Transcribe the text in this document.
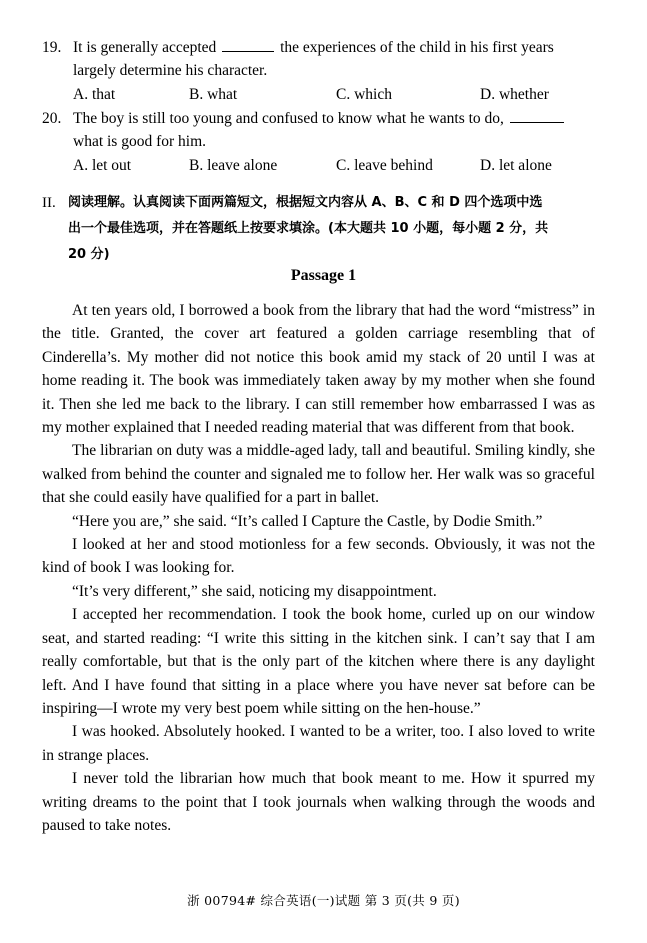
19. It is generally accepted	the experiences of the child in his first years
largely determine his character.
A. that	B. what	C. which	D. whether
20. The boy is still too young and confused to know what he wants to do,
what is good for him.
A. let out	B. leave alone	C. leave behind	D. let alone
II. 阅读理解。认真阅读下面两篇短文，根据短文内容从 A、B、C 和 D 四个选项中选
出一个最佳选项，并在答题纸上按要求填涂。(本大题共 10 小题，每小题 2 分，共
20 分)
Passage 1

At ten years old, I borrowed a book from the library that had the word “mistress” in the title. Granted, the cover art featured a golden carriage resembling that of Cinderella’s. My mother did not notice this book amid my stack of 20 until I was at home reading it. The book was immediately taken away by my mother when she found it. Then she led me back to the library. I can still remember how embarrassed I was as my mother explained that I needed reading material that was different from that book.

The librarian on duty was a middle-aged lady, tall and beautiful. Smiling kindly, she walked from behind the counter and signaled me to follow her. Her walk was so graceful that she could easily have qualified for a part in ballet.

“Here you are,” she said. “It’s called I Capture the Castle, by Dodie Smith.”

I looked at her and stood motionless for a few seconds. Obviously, it was not the kind of book I was looking for.

“It’s very different,” she said, noticing my disappointment.

I accepted her recommendation. I took the book home, curled up on our window seat, and started reading: “I write this sitting in the kitchen sink. I can’t say that I am really comfortable, but that is the only part of the kitchen where there is any daylight left. And I have found that sitting in a place where you have never sat before can be inspiring—I wrote my very best poem while sitting on the hen-house.”

I was hooked. Absolutely hooked. I wanted to be a writer, too. I also loved to write in strange places.

I never told the librarian how much that book meant to me. How it spurred my writing dreams to the point that I took journals when walking through the woods and paused to take notes.

浙 00794# 综合英语(一)试题 第 3 页(共 9 页)
